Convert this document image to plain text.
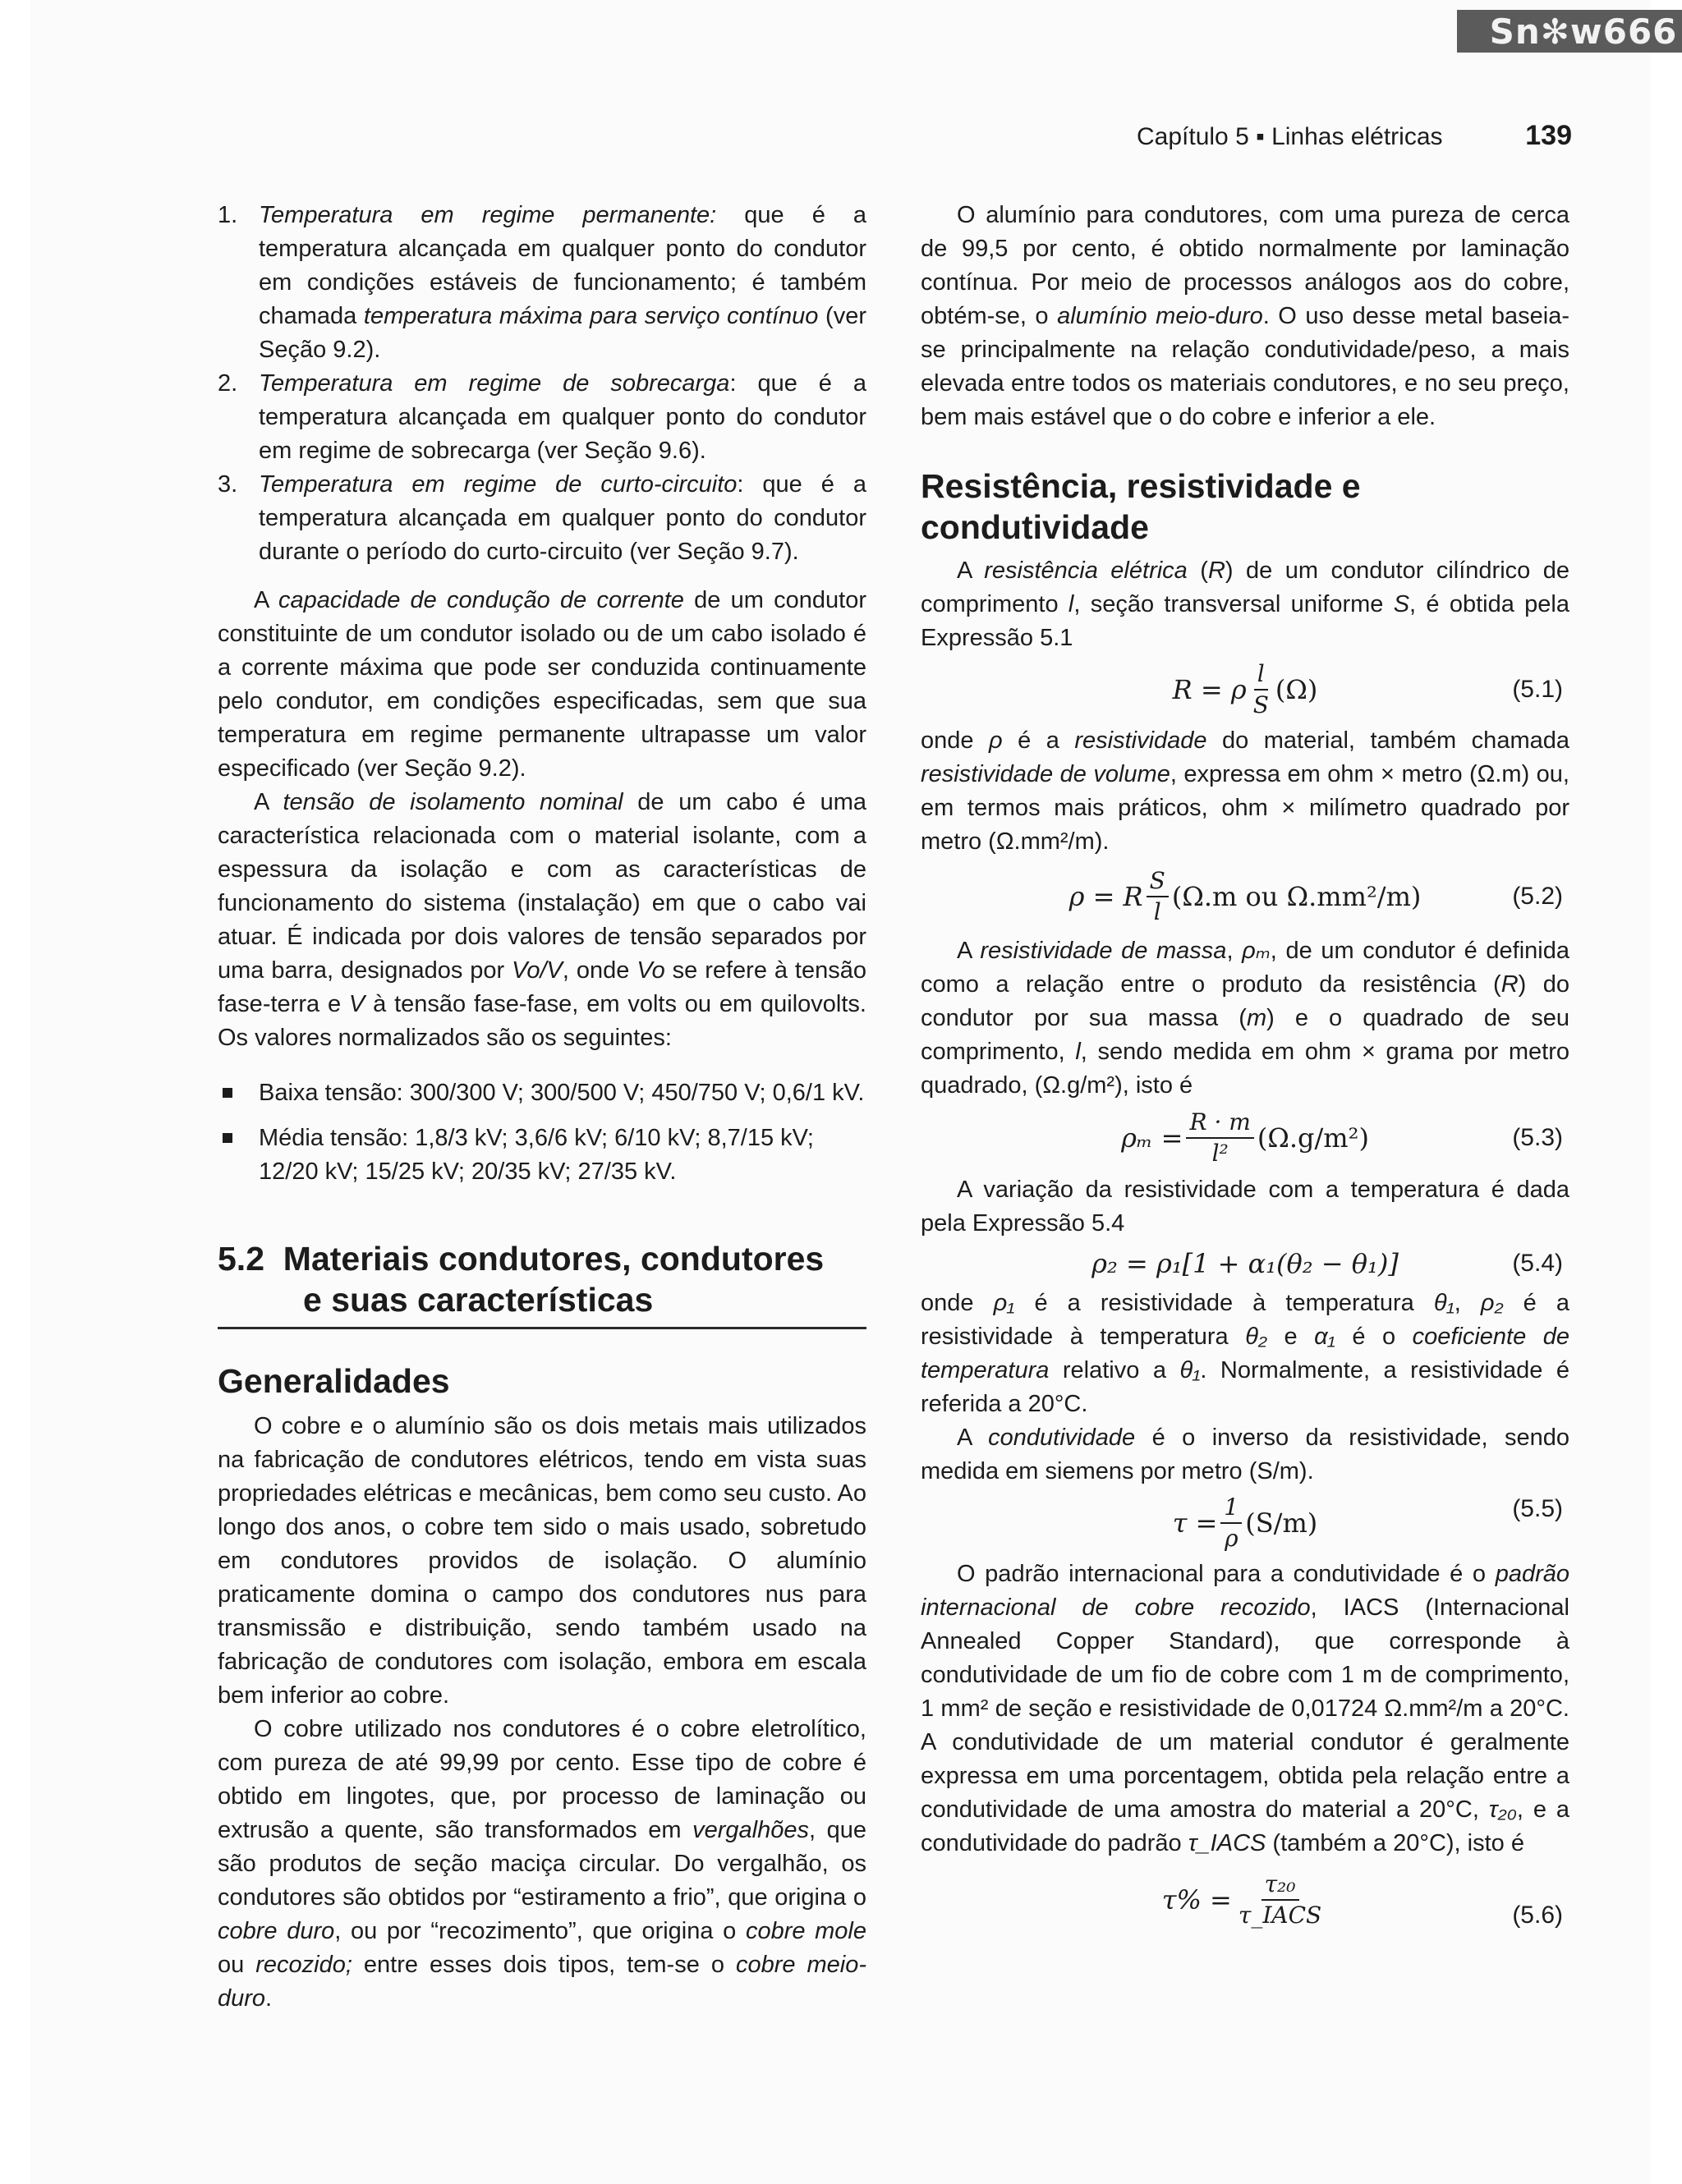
Sn✻w666
Capítulo 5 ▪ Linhas elétricas	139
1. Temperatura em regime permanente: que é a temperatura alcançada em qualquer ponto do condutor em condições estáveis de funcionamento; é também chamada temperatura máxima para serviço contínuo (ver Seção 9.2).
2. Temperatura em regime de sobrecarga: que é a temperatura alcançada em qualquer ponto do condutor em regime de sobrecarga (ver Seção 9.6).
3. Temperatura em regime de curto-circuito: que é a temperatura alcançada em qualquer ponto do condutor durante o período do curto-circuito (ver Seção 9.7).

A capacidade de condução de corrente de um condutor constituinte de um condutor isolado ou de um cabo isolado é a corrente máxima que pode ser conduzida continuamente pelo condutor, em condições especificadas, sem que sua temperatura em regime permanente ultrapasse um valor especificado (ver Seção 9.2).

A tensão de isolamento nominal de um cabo é uma característica relacionada com o material isolante, com a espessura da isolação e com as características de funcionamento do sistema (instalação) em que o cabo vai atuar. É indicada por dois valores de tensão separados por uma barra, designados por Vo/V, onde Vo se refere à tensão fase-terra e V à tensão fase-fase, em volts ou em quilovolts. Os valores normalizados são os seguintes:

Baixa tensão: 300/300 V; 300/500 V; 450/750 V; 0,6/1 kV.
Média tensão: 1,8/3 kV; 3,6/6 kV; 6/10 kV; 8,7/15 kV; 12/20 kV; 15/25 kV; 20/35 kV; 27/35 kV.
5.2 Materiais condutores, condutores
e suas características
Generalidades

O cobre e o alumínio são os dois metais mais utilizados na fabricação de condutores elétricos, tendo em vista suas propriedades elétricas e mecânicas, bem como seu custo. Ao longo dos anos, o cobre tem sido o mais usado, sobretudo em condutores providos de isolação. O alumínio praticamente domina o campo dos condutores nus para transmissão e distribuição, sendo também usado na fabricação de condutores com isolação, embora em escala bem inferior ao cobre.

O cobre utilizado nos condutores é o cobre eletrolítico, com pureza de até 99,99 por cento. Esse tipo de cobre é obtido em lingotes, que, por processo de laminação ou extrusão a quente, são transformados em vergalhões, que são produtos de seção maciça circular. Do vergalhão, os condutores são obtidos por “estiramento a frio”, que origina o cobre duro, ou por “recozimento”, que origina o cobre mole ou recozido; entre esses dois tipos, tem-se o cobre meio-duro.

O alumínio para condutores, com uma pureza de cerca de 99,5 por cento, é obtido normalmente por laminação contínua. Por meio de processos análogos aos do cobre, obtém-se, o alumínio meio-duro. O uso desse metal baseia-se principalmente na relação condutividade/peso, a mais elevada entre todos os materiais condutores, e no seu preço, bem mais estável que o do cobre e inferior a ele.

Resistência, resistividade e condutividade

A resistência elétrica (R) de um condutor cilíndrico de comprimento l, seção transversal uniforme S, é obtida pela Expressão 5.1

R = ρ $\frac{l}{S} (\Omega)$	(5.1)

onde ρ é a resistividade do material, também chamada resistividade de volume, expressa em ohm × metro (Ω.m) ou, em termos mais práticos, ohm × milímetro quadrado por metro (Ω.mm²/m).

ρ = R $\frac{S}{l} (\Omega.m$ ou Ω.mm²/m)	(5.2)

A resistividade de massa, ρₘ, de um condutor é definida como a relação entre o produto da resistência (R) do condutor por sua massa (m) e o quadrado de seu comprimento, l, sendo medida em ohm × grama por metro quadrado, (Ω.g/m²), isto é

$\rho_m = \frac{R \cdot m}{\text{l²}} (\Omega.g/m^2)$	(5.3)

A variação da resistividade com a temperatura é dada pela Expressão 5.4

ρ₂ = ρ₁[1 + α₁(θ₂ − θ₁)]	(5.4)

onde ρ₁ é a resistividade à temperatura θ₁, ρ₂ é a resistividade à temperatura θ₂ e α₁ é o coeficiente de temperatura relativo a θ₁. Normalmente, a resistividade é referida a 20°C.

A condutividade é o inverso da resistividade, sendo medida em siemens por metro (S/m).

$\tau = \frac{1}{\rho} (S/m)$	(5.5)

O padrão internacional para a condutividade é o padrão internacional de cobre recozido, IACS (Internacional Annealed Copper Standard), que corresponde à condutividade de um fio de cobre com 1 m de comprimento, 1 mm² de seção e resistividade de 0,01724 Ω.mm²/m a 20°C. A condutividade de um material condutor é geralmente expressa em uma porcentagem, obtida pela relação entre a condutividade de uma amostra do material a 20°C, τ₂₀, e a condutividade do padrão τ_IACS (também a 20°C), isto é

$\tau\% = \frac{\text{τ₂₀}}{\text{τ\_IACS}}$	(5.6)
